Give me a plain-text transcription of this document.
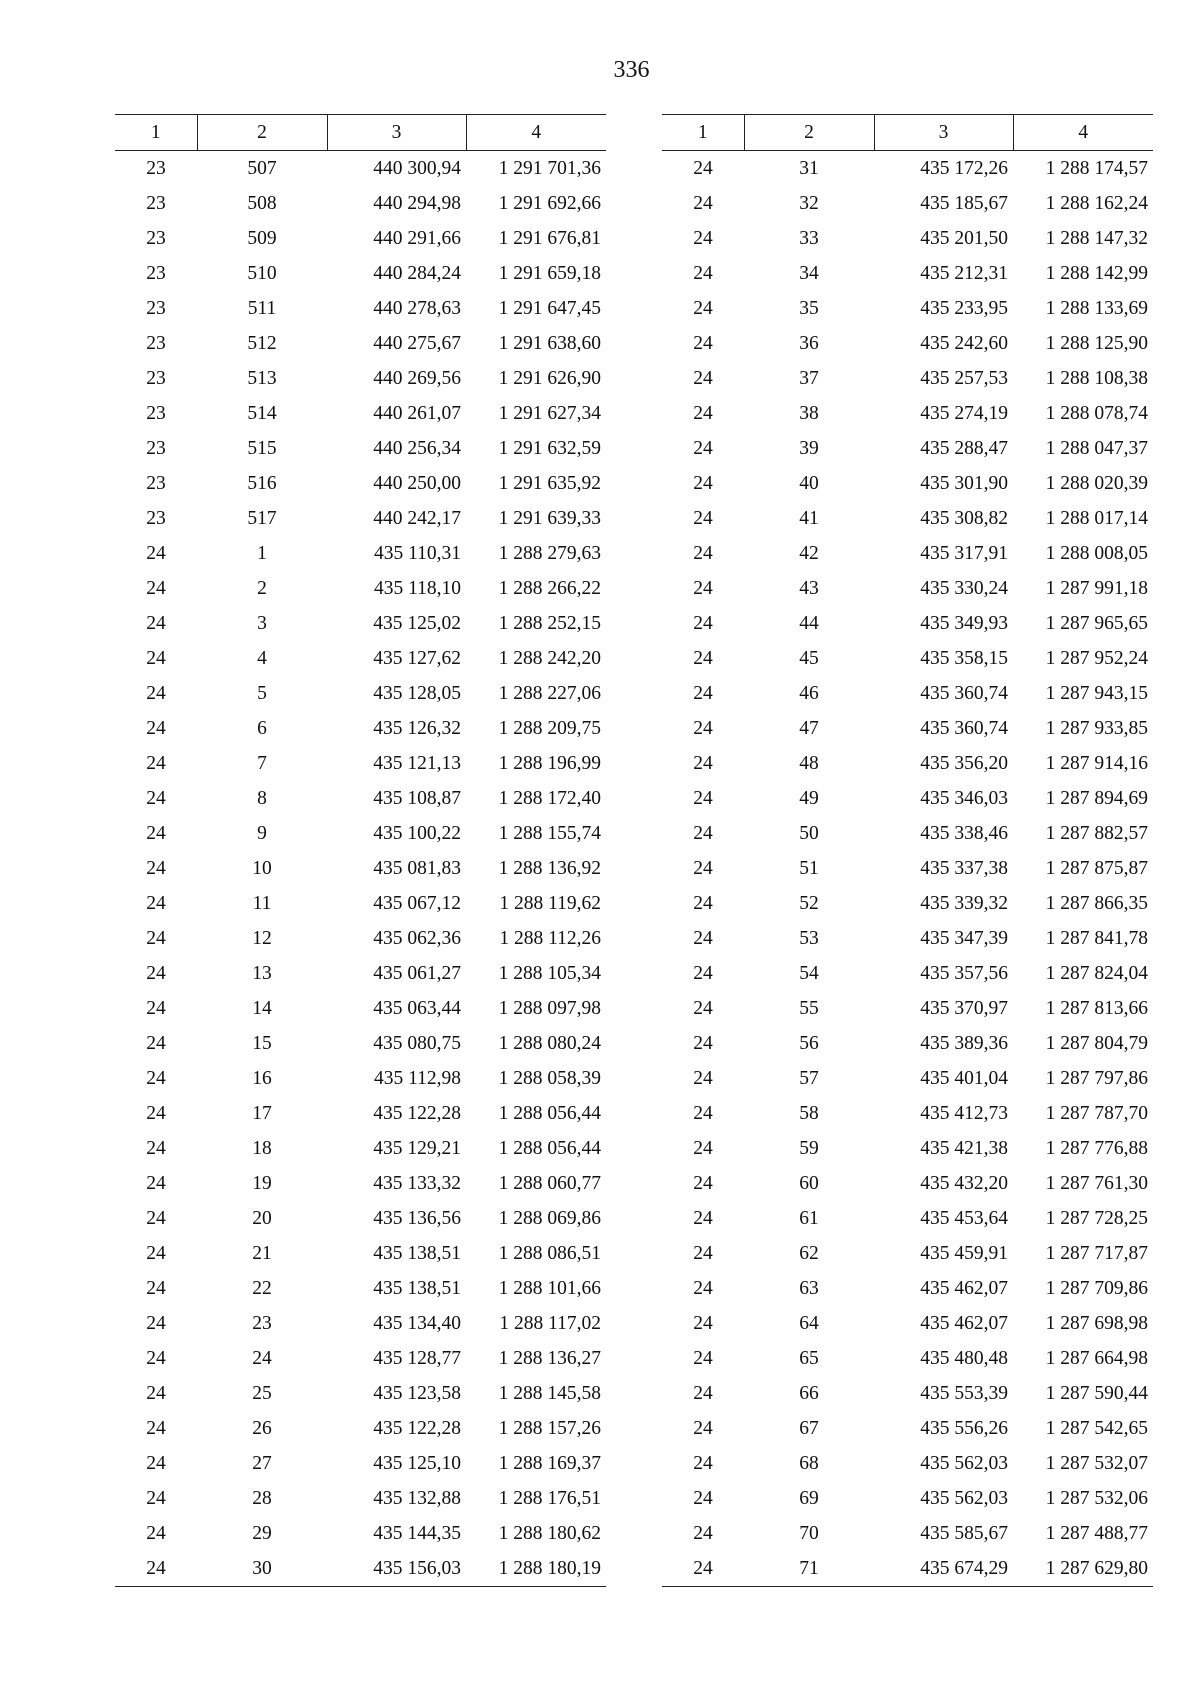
336
1	2	3	4
23	507	440 300,94	1 291 701,36
23	508	440 294,98	1 291 692,66
23	509	440 291,66	1 291 676,81
23	510	440 284,24	1 291 659,18
23	511	440 278,63	1 291 647,45
23	512	440 275,67	1 291 638,60
23	513	440 269,56	1 291 626,90
23	514	440 261,07	1 291 627,34
23	515	440 256,34	1 291 632,59
23	516	440 250,00	1 291 635,92
23	517	440 242,17	1 291 639,33
24	1	435 110,31	1 288 279,63
24	2	435 118,10	1 288 266,22
24	3	435 125,02	1 288 252,15
24	4	435 127,62	1 288 242,20
24	5	435 128,05	1 288 227,06
24	6	435 126,32	1 288 209,75
24	7	435 121,13	1 288 196,99
24	8	435 108,87	1 288 172,40
24	9	435 100,22	1 288 155,74
24	10	435 081,83	1 288 136,92
24	11	435 067,12	1 288 119,62
24	12	435 062,36	1 288 112,26
24	13	435 061,27	1 288 105,34
24	14	435 063,44	1 288 097,98
24	15	435 080,75	1 288 080,24
24	16	435 112,98	1 288 058,39
24	17	435 122,28	1 288 056,44
24	18	435 129,21	1 288 056,44
24	19	435 133,32	1 288 060,77
24	20	435 136,56	1 288 069,86
24	21	435 138,51	1 288 086,51
24	22	435 138,51	1 288 101,66
24	23	435 134,40	1 288 117,02
24	24	435 128,77	1 288 136,27
24	25	435 123,58	1 288 145,58
24	26	435 122,28	1 288 157,26
24	27	435 125,10	1 288 169,37
24	28	435 132,88	1 288 176,51
24	29	435 144,35	1 288 180,62
24	30	435 156,03	1 288 180,19
1	2	3	4
24	31	435 172,26	1 288 174,57
24	32	435 185,67	1 288 162,24
24	33	435 201,50	1 288 147,32
24	34	435 212,31	1 288 142,99
24	35	435 233,95	1 288 133,69
24	36	435 242,60	1 288 125,90
24	37	435 257,53	1 288 108,38
24	38	435 274,19	1 288 078,74
24	39	435 288,47	1 288 047,37
24	40	435 301,90	1 288 020,39
24	41	435 308,82	1 288 017,14
24	42	435 317,91	1 288 008,05
24	43	435 330,24	1 287 991,18
24	44	435 349,93	1 287 965,65
24	45	435 358,15	1 287 952,24
24	46	435 360,74	1 287 943,15
24	47	435 360,74	1 287 933,85
24	48	435 356,20	1 287 914,16
24	49	435 346,03	1 287 894,69
24	50	435 338,46	1 287 882,57
24	51	435 337,38	1 287 875,87
24	52	435 339,32	1 287 866,35
24	53	435 347,39	1 287 841,78
24	54	435 357,56	1 287 824,04
24	55	435 370,97	1 287 813,66
24	56	435 389,36	1 287 804,79
24	57	435 401,04	1 287 797,86
24	58	435 412,73	1 287 787,70
24	59	435 421,38	1 287 776,88
24	60	435 432,20	1 287 761,30
24	61	435 453,64	1 287 728,25
24	62	435 459,91	1 287 717,87
24	63	435 462,07	1 287 709,86
24	64	435 462,07	1 287 698,98
24	65	435 480,48	1 287 664,98
24	66	435 553,39	1 287 590,44
24	67	435 556,26	1 287 542,65
24	68	435 562,03	1 287 532,07
24	69	435 562,03	1 287 532,06
24	70	435 585,67	1 287 488,77
24	71	435 674,29	1 287 629,80
